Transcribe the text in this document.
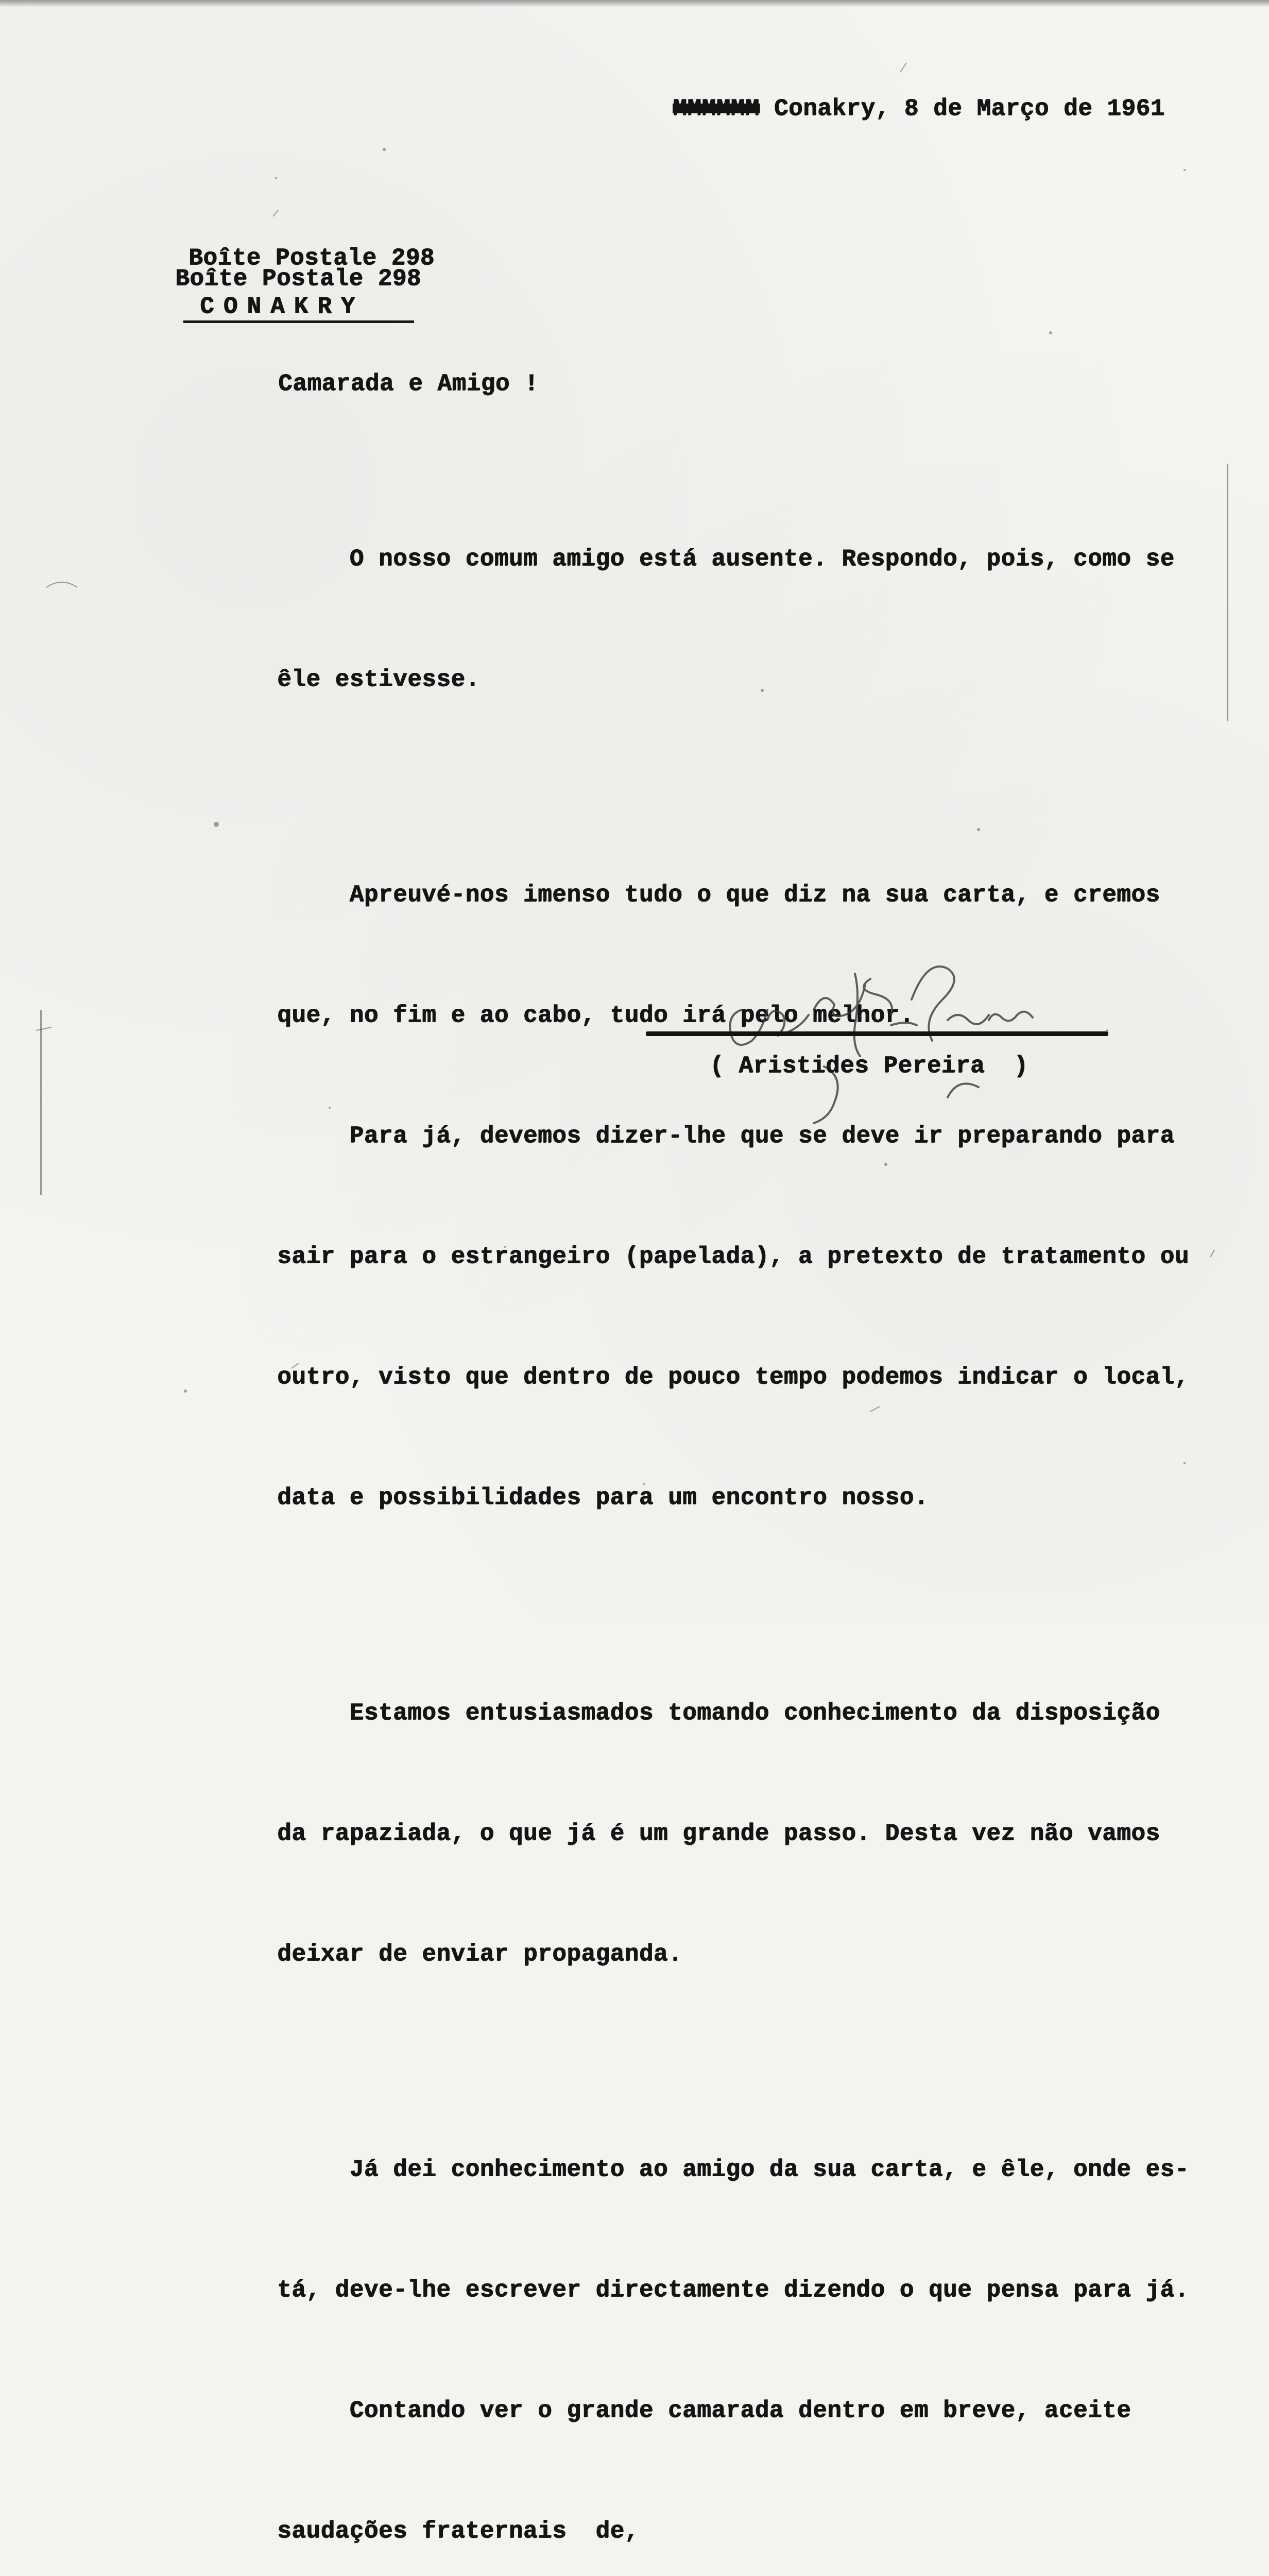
MMMMMM Conakry, 8 de Março de 1961

Boîte Postale 298

Boîte Postale 298

CONAKRY

Camarada e Amigo !

O nosso comum amigo está ausente. Respondo, pois, como se

êle estivesse.

Apreuvé-nos imenso tudo o que diz na sua carta, e cremos

que, no fim e ao cabo, tudo irá pelo melhor.

Para já, devemos dizer-lhe que se deve ir preparando para

sair para o estrangeiro (papelada), a pretexto de tratamento ou

outro, visto que dentro de pouco tempo podemos indicar o local,

data e possibilidades para um encontro nosso.

Estamos entusiasmados tomando conhecimento da disposição

da rapaziada, o que já é um grande passo. Desta vez não vamos

deixar de enviar propaganda.

Já dei conhecimento ao amigo da sua carta, e êle, onde es-

tá, deve-lhe escrever directamente dizendo o que pensa para já.

Contando ver o grande camarada dentro em breve, aceite

saudações fraternais  de,

( Aristides Pereira  )
